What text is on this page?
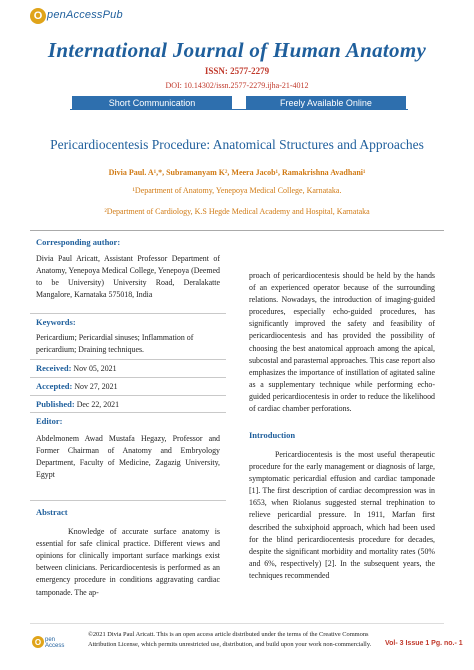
O penAccessPub
International Journal of Human Anatomy
ISSN: 2577-2279
DOI: 10.14302/issn.2577-2279.ijha-21-4012
Short Communication	Freely Available Online
Pericardiocentesis Procedure: Anatomical Structures and Approaches
Divia Paul. A¹,*, Subramanyam K², Meera Jacob¹, Ramakrishna Avadhani¹
¹Department of Anatomy, Yenepoya Medical College, Karnataka.
²Department of Cardiology, K.S Hegde Medical Academy and Hospital, Karnataka
Corresponding author:

Divia Paul Aricatt, Assistant Professor Department of Anatomy, Yenepoya Medical College, Yenepoya (Deemed to be University) University Road, Deralakatte Mangalore, Karnataka 575018, India

Keywords:

Pericardium; Pericardial sinuses; Inflammation of pericardium; Draining techniques.

Received: Nov 05, 2021
Accepted: Nov 27, 2021
Published: Dec 22, 2021
Editor:

Abdelmonem Awad Mustafa Hegazy, Professor and Former Chairman of Anatomy and Embryology Department, Faculty of Medicine, Zagazig University, Egypt

Abstract

Knowledge of accurate surface anatomy is essential for safe clinical practice. Different views and opinions for clinically important surface markings exist between clinicians. Pericardiocentesis is performed as an emergency procedure in conditions aggravating cardiac tamponade. The ap-

proach of pericardiocentesis should be held by the hands of an experienced operator because of the surrounding relations. Nowadays, the introduction of imaging-guided procedures, especially echo-guided procedures, has significantly improved the safety and feasibility of pericardiocentesis and has provided the possibility of choosing the best anatomical approach among the apical, subcostal and parasternal approaches. This case report also emphasizes the importance of instillation of agitated saline as a supplementary technique while performing echo-guided pericardiocentesis in order to reduce the likelihood of cardiac chamber perforations.

Introduction

Pericardiocentesis is the most useful therapeutic procedure for the early management or diagnosis of large, symptomatic pericardial effusion and cardiac tamponade [1]. The first description of cardiac decompression was in 1653, when Riolanus suggested sternal trephination to relieve pericardial pressure. In 1911, Marfan first described the subxiphoid approach, which had been used for the blind pericardiocentesis procedure for decades, despite the significant morbidity and mortality rates (50% and 6%, respectively) [2]. In the subsequent years, the techniques recommended

O pen
Access
©2021 Divia Paul Aricatt. This is an open access article distributed under the terms of the Creative Commons Attribution License, which permits unrestricted use, distribution, and build upon your work non-commercially.	Vol- 3 Issue 1 Pg. no.- 1
